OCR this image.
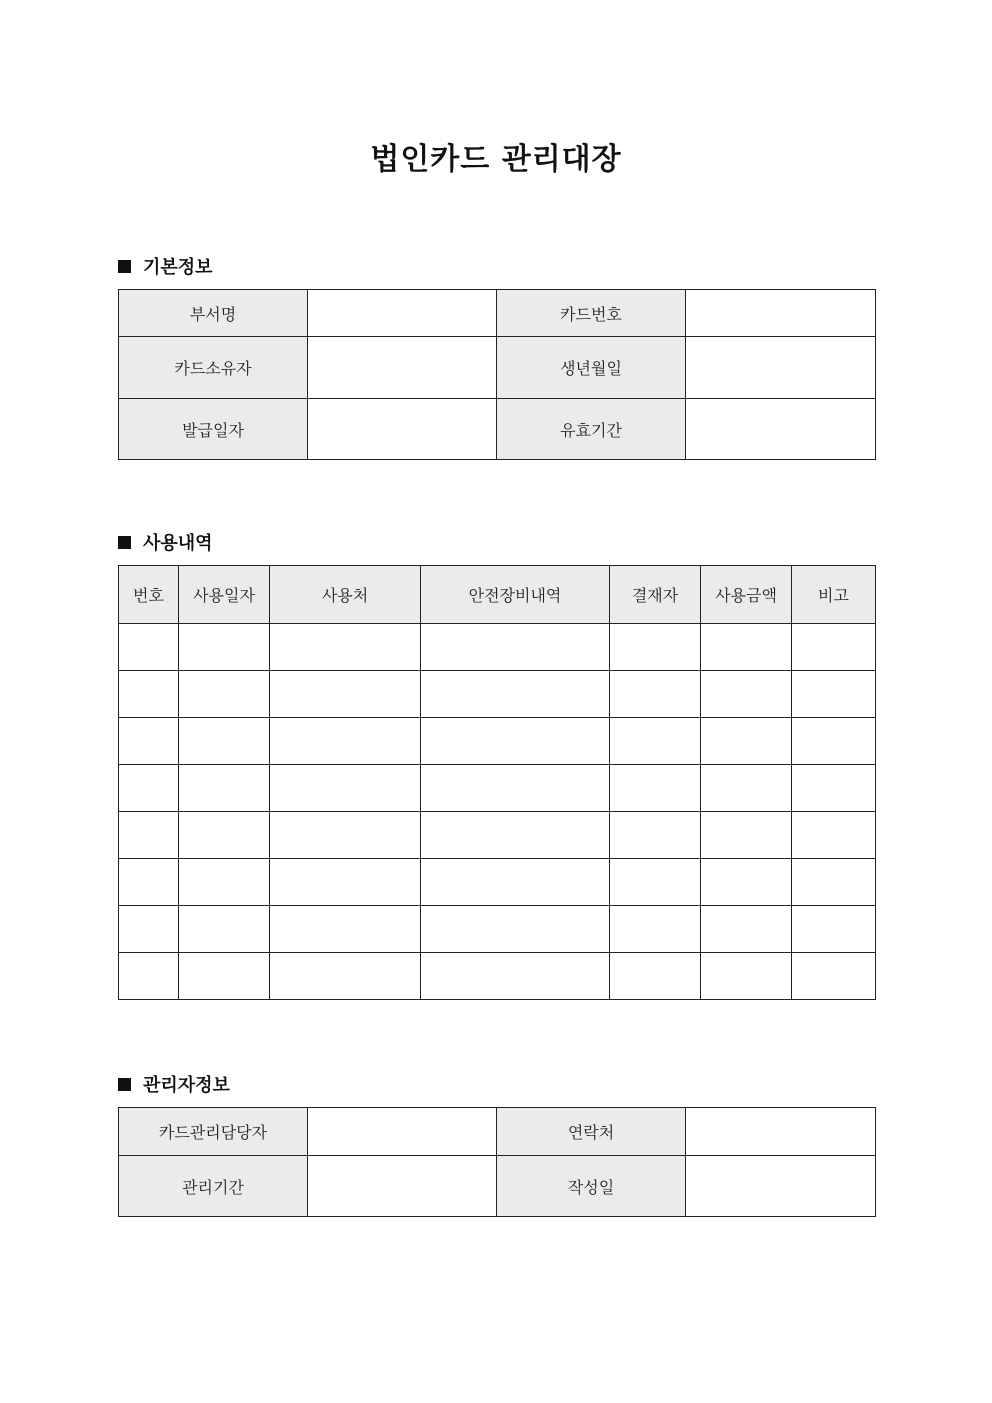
법인카드 관리대장
기본정보
부서명		카드번호	
카드소유자		생년월일	
발급일자		유효기간	
사용내역
번호	사용일자	사용처	안전장비내역	결재자	사용금액	비고

관리자정보
카드관리담당자		연락처	
관리기간		작성일	
